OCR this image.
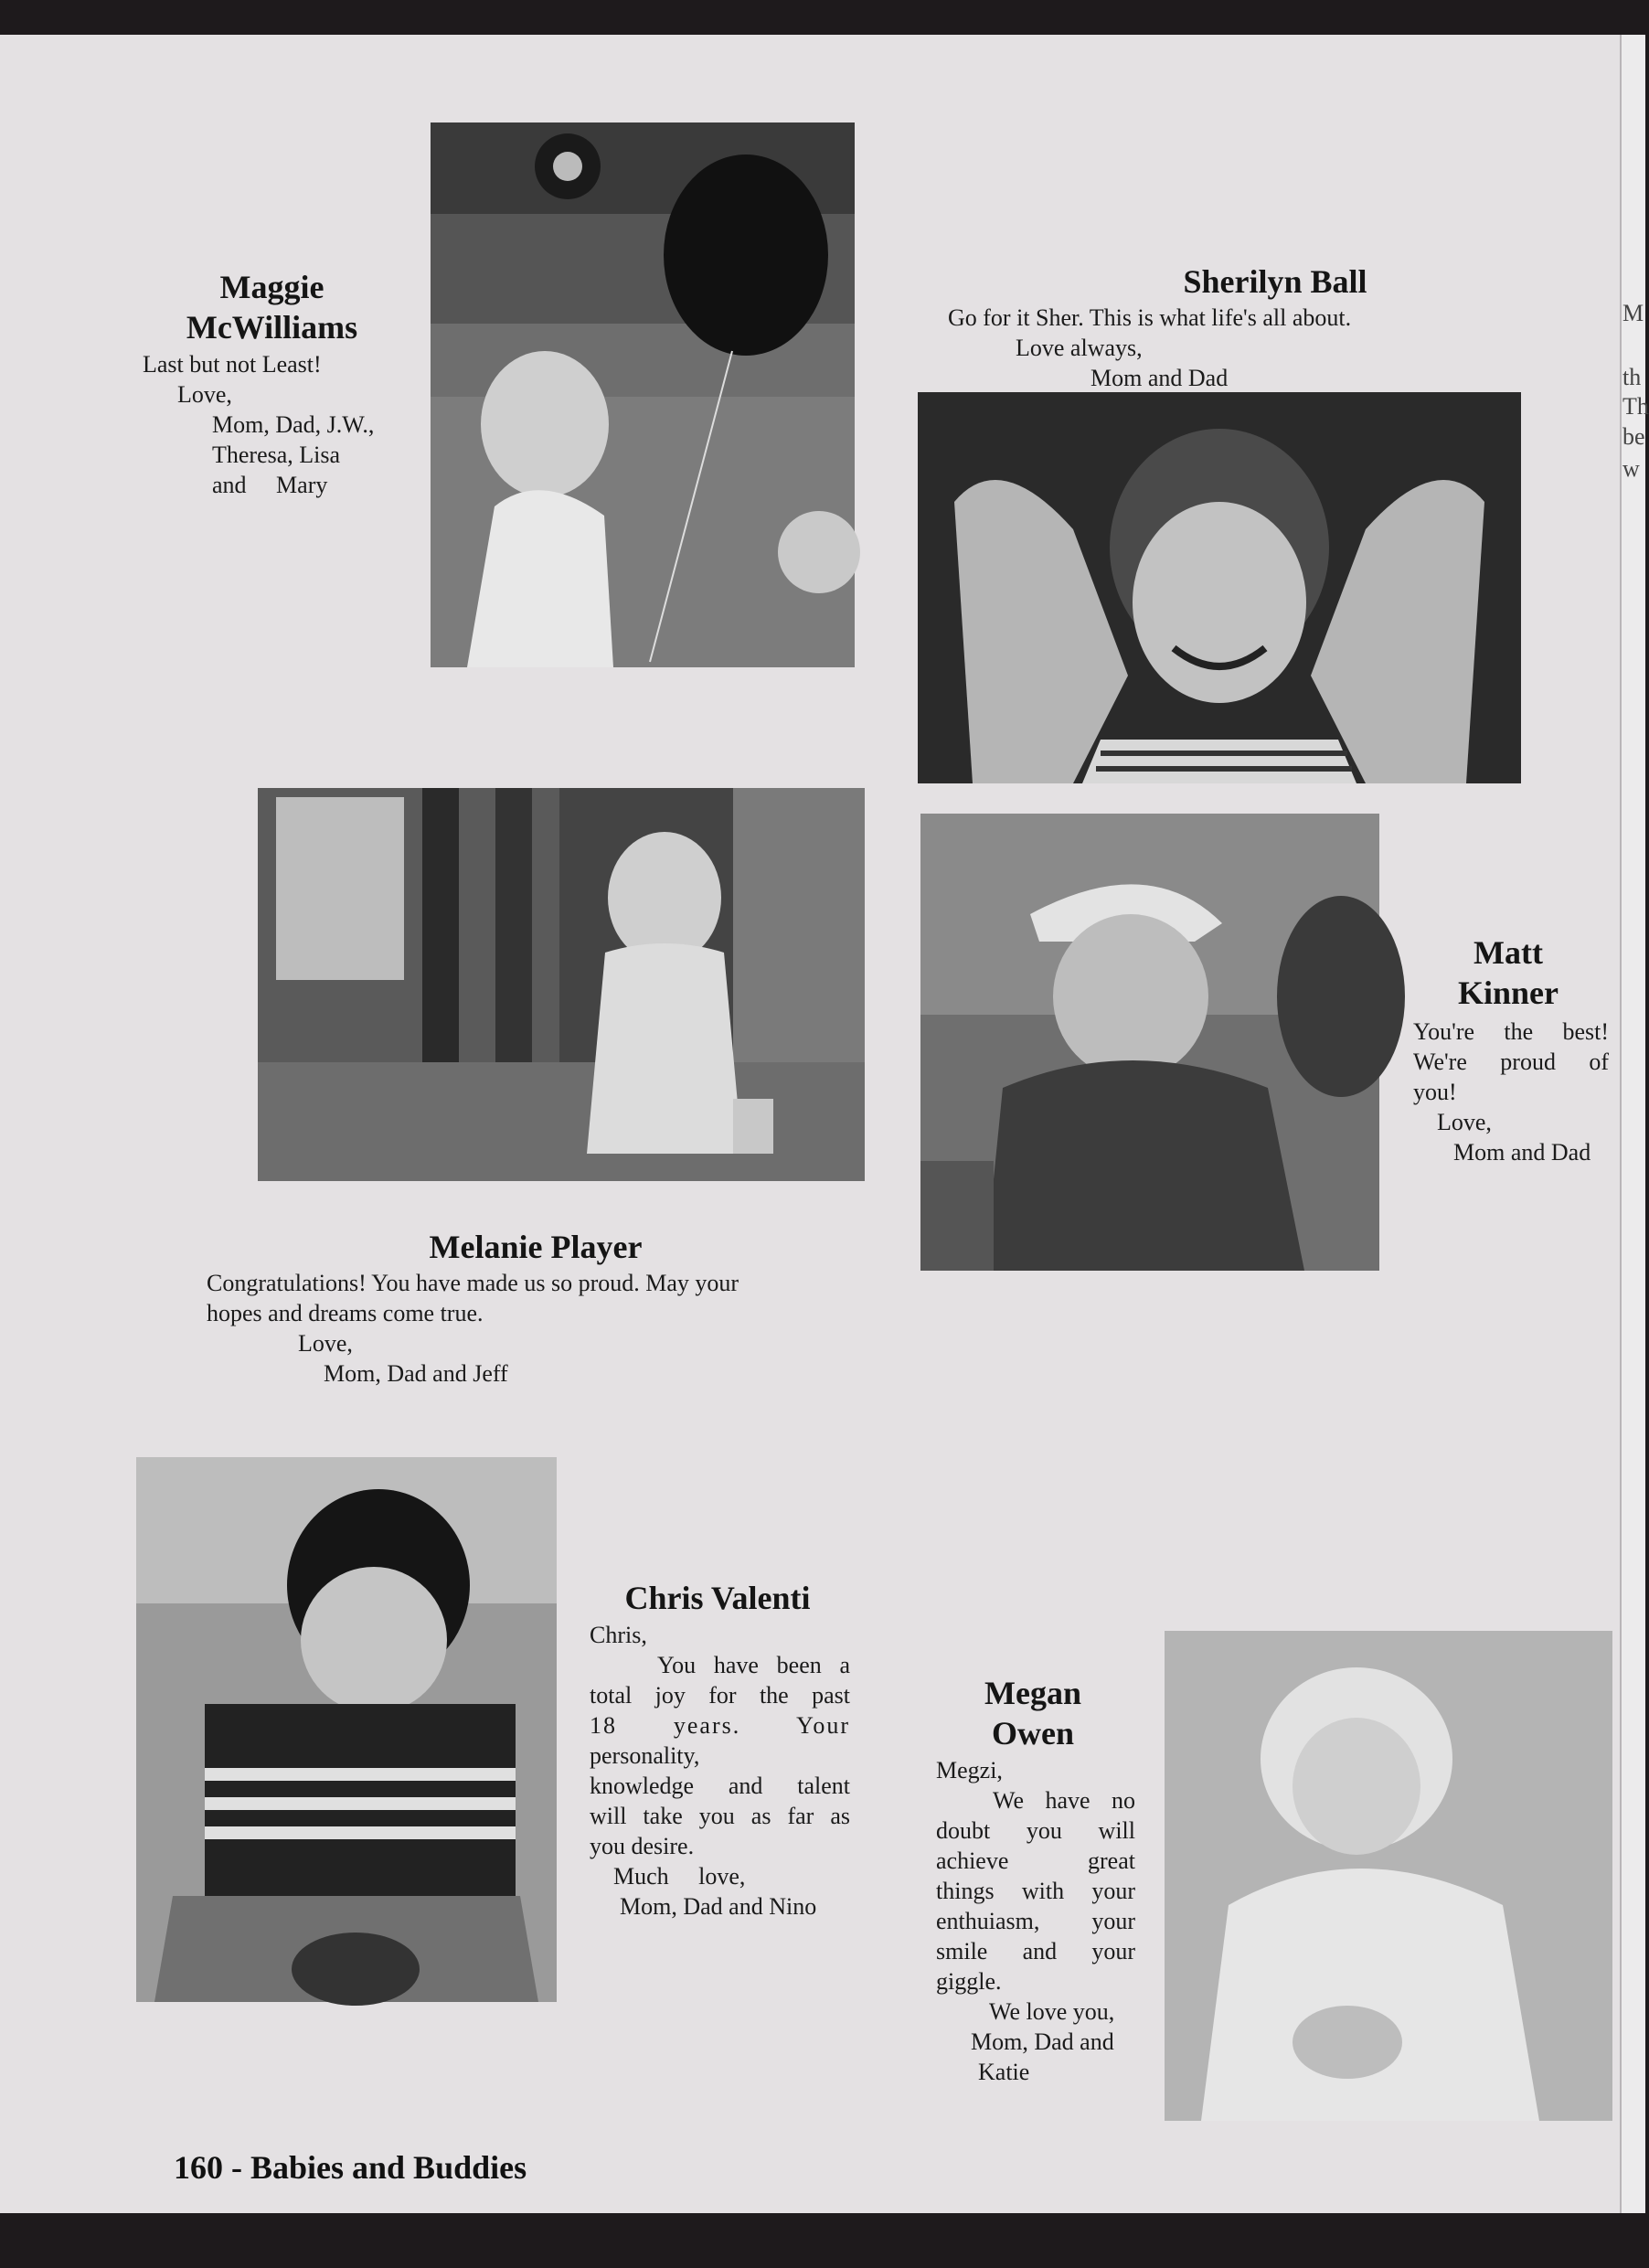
Maggie
McWilliams
Last but not Least!
Love,
Mom, Dad, J.W.,
Theresa, Lisa
and     Mary
Sherilyn Ball
Go for it Sher. This is what life's all about.
Love always,
Mom and Dad
Melanie Player
Congratulations! You have made us so proud. May your
hopes and dreams come true.
Love,
Mom, Dad and Jeff
Matt
Kinner
You're the best!
We're proud of
you!
Love,
Mom and Dad
Chris Valenti
Chris,
You have been a
total joy for the past
18 years. Your
personality,
knowledge and talent
will take you as far as
you desire.
Much     love,
Mom, Dad and Nino
Megan
Owen
Megzi,
We have no
doubt you will
achieve great
things with your
enthuiasm, your
smile and your
giggle.
We love you,
Mom, Dad and
Katie
M
th
Th
be
w
160 - Babies and Buddies
